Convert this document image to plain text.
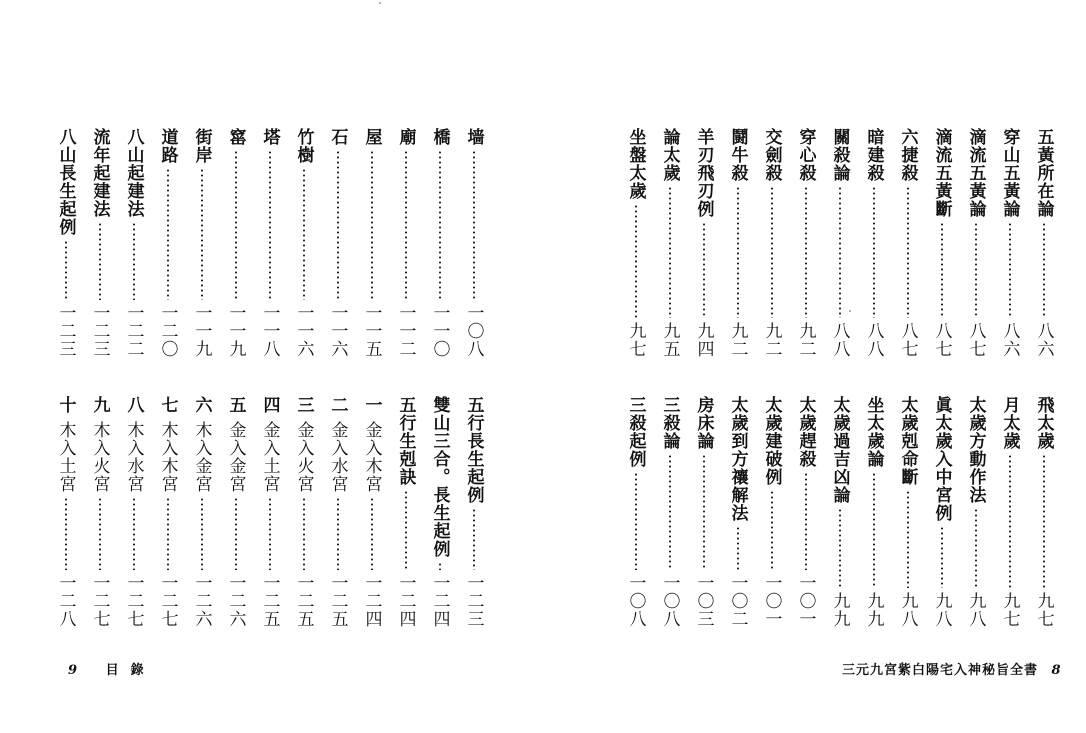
墙
一〇八
橋
一一〇
廟
一一二
屋
一一五
石
一一六
竹樹
一一六
塔
一一八
窰
一一九
街岸
一一九
道路
一二〇
八山起建法
一二二
流年起建法
一二三
八山長生起例
一二三
五行長生起例
一二三
雙山三合。長生起例
一二四
五行生剋訣
一二四
一
金入木宮
一二四
二
金入水宮
一二五
三
金入火宮
一二五
四
金入土宮
一二五
五
金入金宮
一二六
六
木入金宮
一二六
七
木入木宮
一二七
八
木入水宮
一二七
九
木入火宮
一二七
十
木入土宮
一二八
9 目錄
五黃所在論
八六
穿山五黃論
八六
滴流五黃論
八七
滴流五黃斷
八七
六捷殺
八七
暗建殺
八八
關殺論
八八
穿心殺
九二
交劍殺
九二
鬪牛殺
九二
羊刃飛刃例
九四
論太歲
九五
坐盤太歲
九七
飛太歲
九七
月太歲
九七
太歲方動作法
九八
眞太歲入中宮例
九八
太歲剋命斷
九八
坐太歲論
九九
太歲過吉凶論
九九
太歲趕殺
一〇一
太歲建破例
一〇一
太歲到方禳解法
一〇二
房床論
一〇三
三殺論
一〇八
三殺起例
一〇八
三元九宮紫白陽宅入神秘旨全書 8
